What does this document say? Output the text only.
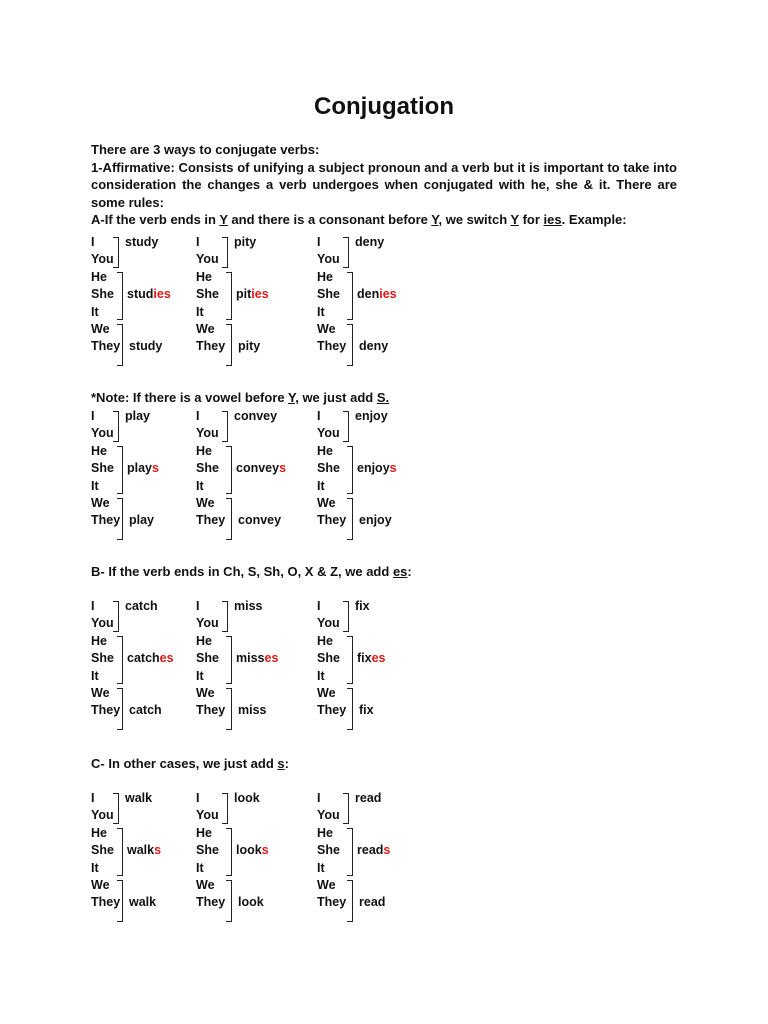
Conjugation

There are 3 ways to conjugate verbs:

1-Affirmative: Consists of unifying a subject pronoun and a verb but it is important to take into consideration the changes a verb undergoes when conjugated with he, she & it. There are some rules:

A-If the verb ends in Y and there is a consonant before Y, we switch Y for ies. Example:

*Note: If there is a vowel before Y, we just add S.
B- If the verb ends in Ch, S, Sh, O, X & Z, we add es:
C- In other cases, we just add s:
I
You
He
She
It
We
They
study
studies
study
I
You
He
She
It
We
They
pity
pities
pity
I
You
He
She
It
We
They
deny
denies
deny
I
You
He
She
It
We
They
play
plays
play
I
You
He
She
It
We
They
convey
conveys
convey
I
You
He
She
It
We
They
enjoy
enjoys
enjoy
I
You
He
She
It
We
They
catch
catches
catch
I
You
He
She
It
We
They
miss
misses
miss
I
You
He
She
It
We
They
fix
fixes
fix
I
You
He
She
It
We
They
walk
walks
walk
I
You
He
She
It
We
They
look
looks
look
I
You
He
She
It
We
They
read
reads
read
